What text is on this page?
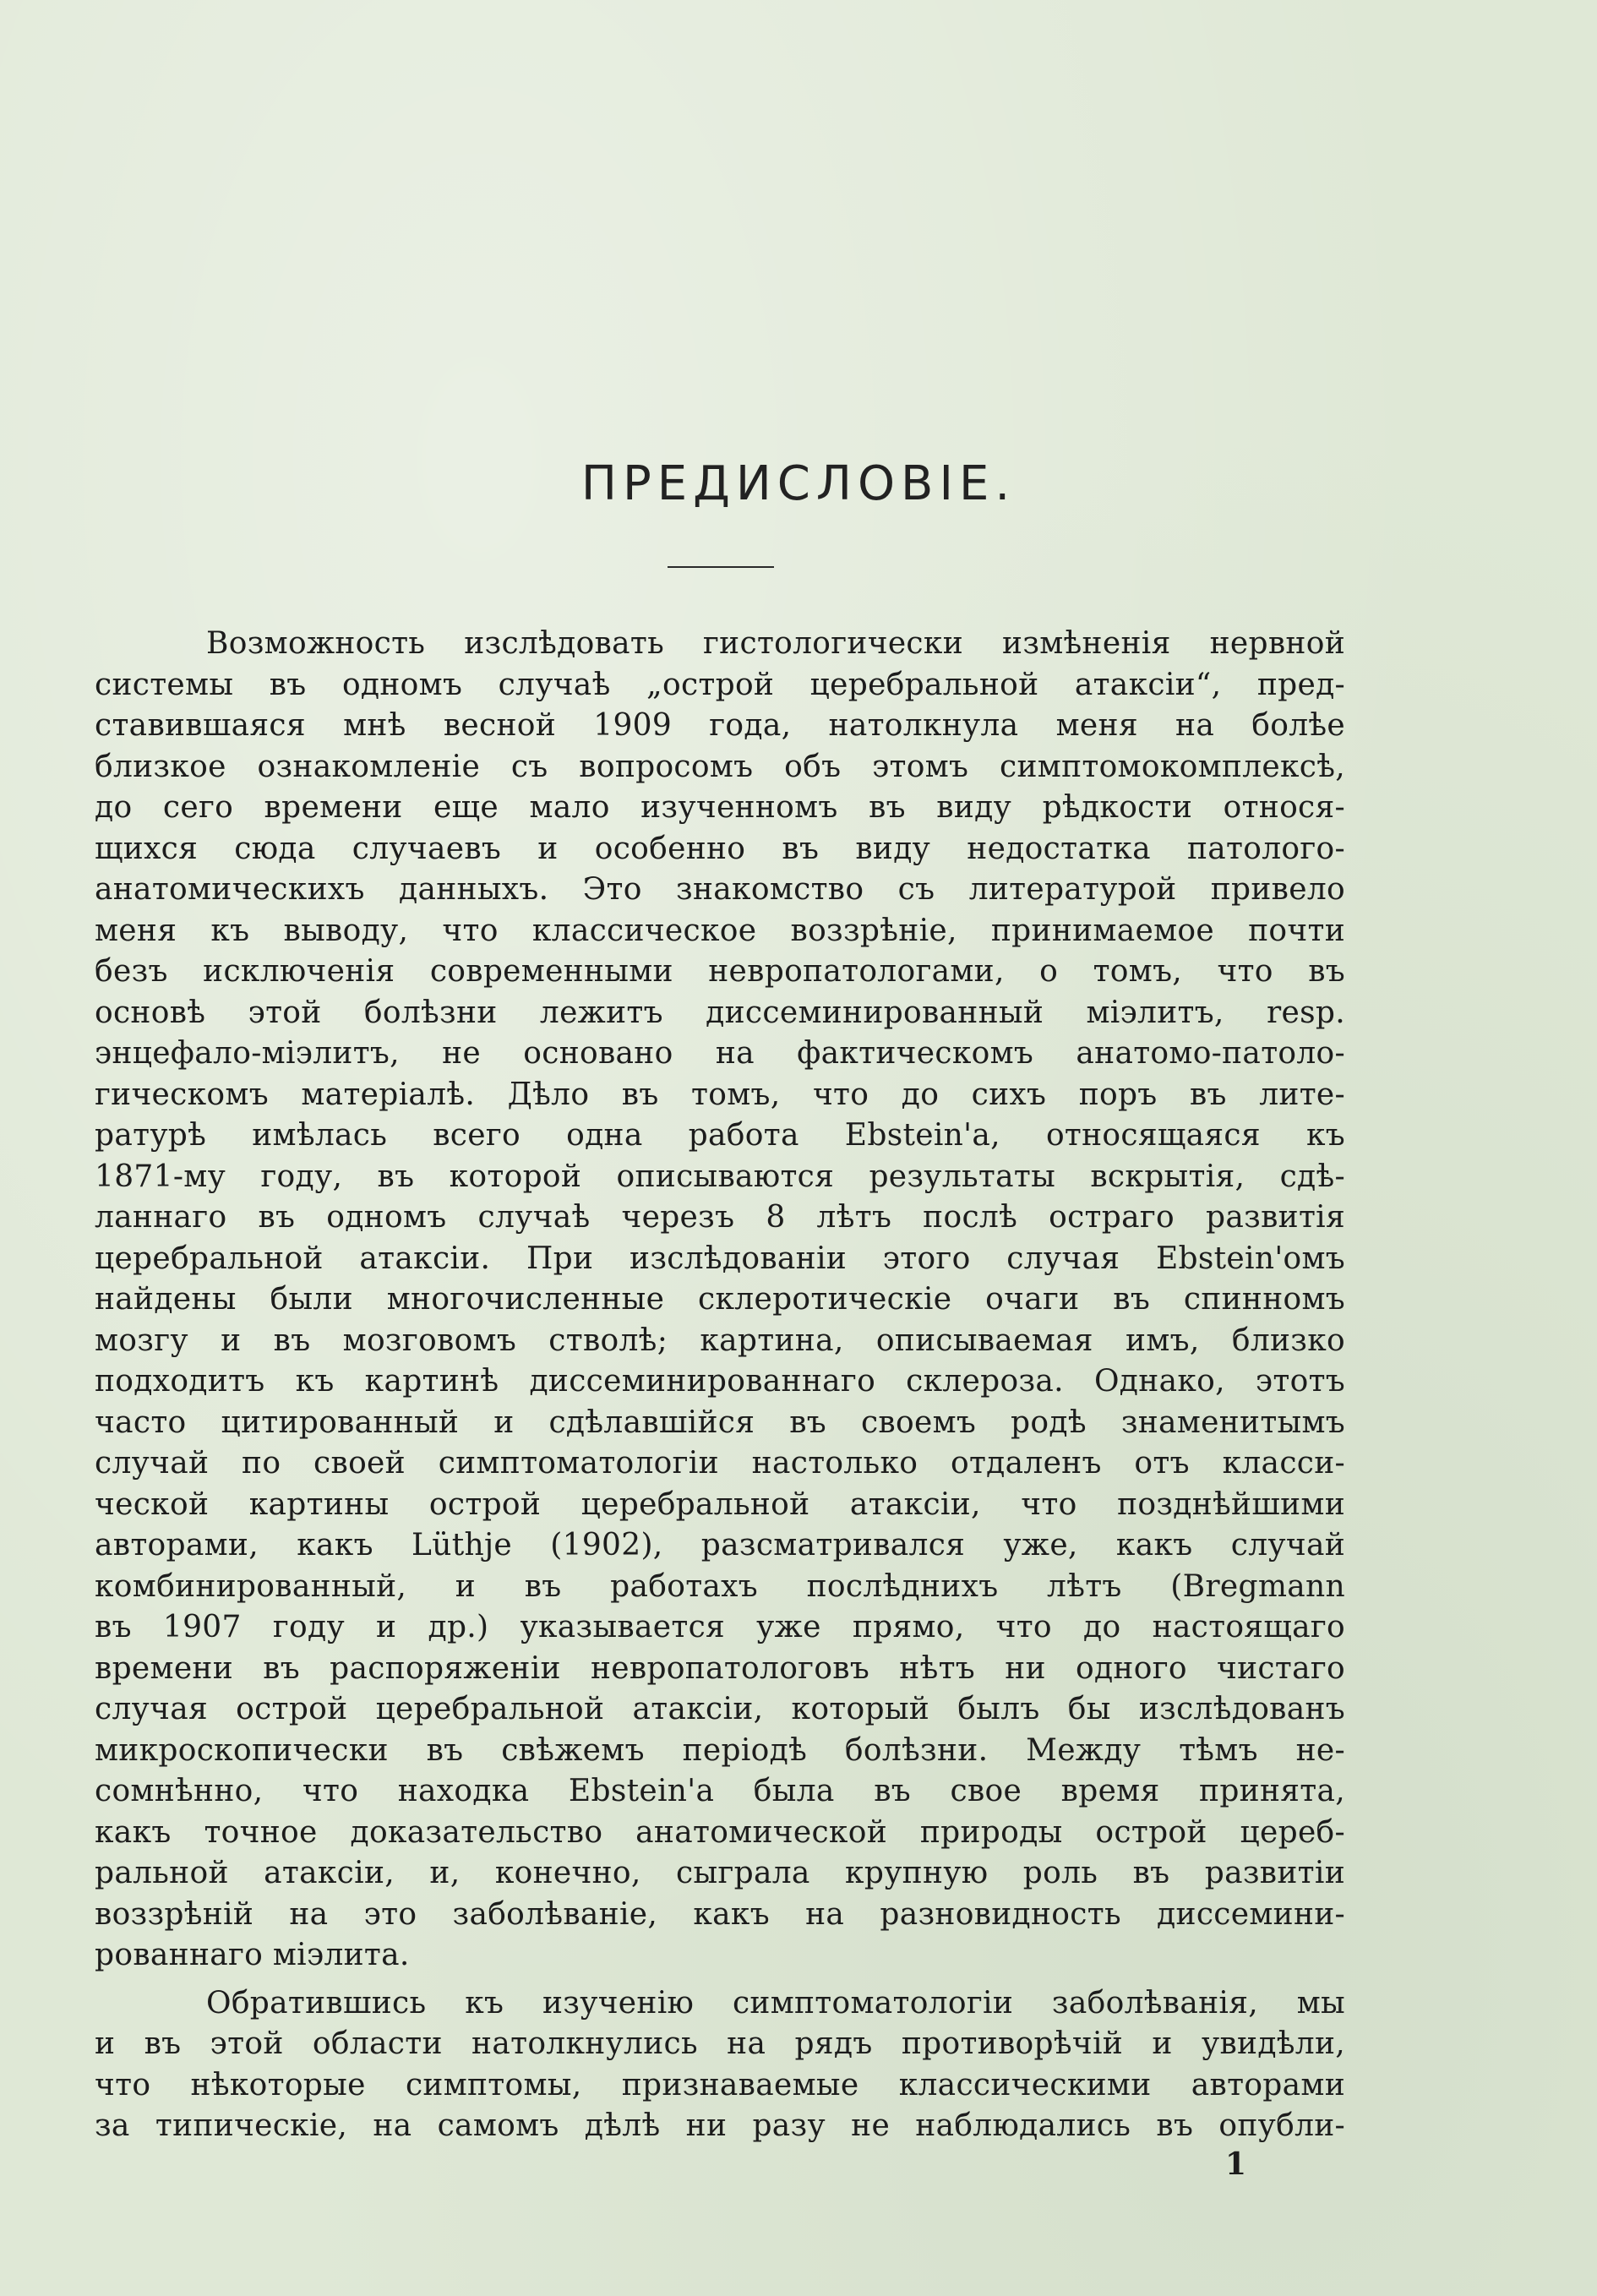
ПРЕДИСЛОВІЕ.
Возможность изслѣдовать гистологически измѣненія нервной
системы въ одномъ случаѣ „острой церебральной атаксіи“, пред-
ставившаяся мнѣ весной 1909 года, натолкнула меня на болѣе
близкое ознакомленіе съ вопросомъ объ этомъ симптомокомплексѣ,
до сего времени еще мало изученномъ въ виду рѣдкости относя-
щихся сюда случаевъ и особенно въ виду недостатка патолого-
анатомическихъ данныхъ. Это знакомство съ литературой привело
меня къ выводу, что классическое воззрѣніе, принимаемое почти
безъ исключенія современными невропатологами, о томъ, что въ
основѣ этой болѣзни лежитъ диссеминированный міэлитъ, resp.
энцефало-міэлитъ, не основано на фактическомъ анатомо-патоло-
гическомъ матеріалѣ. Дѣло въ томъ, что до сихъ поръ въ лите-
ратурѣ имѣлась всего одна работа Ebstein'а, относящаяся къ
1871-му году, въ которой описываются результаты вскрытія, сдѣ-
ланнаго въ одномъ случаѣ черезъ 8 лѣтъ послѣ остраго развитія
церебральной атаксіи. При изслѣдованіи этого случая Ebstein'омъ
найдены были многочисленные склеротическіе очаги въ спинномъ
мозгу и въ мозговомъ стволѣ; картина, описываемая имъ, близко
подходитъ къ картинѣ диссеминированнаго склероза. Однако, этотъ
часто цитированный и сдѣлавшійся въ своемъ родѣ знаменитымъ
случай по своей симптоматологіи настолько отдаленъ отъ класси-
ческой картины острой церебральной атаксіи, что позднѣйшими
авторами, какъ Lüthje (1902), разсматривался уже, какъ случай
комбинированный, и въ работахъ послѣднихъ лѣтъ (Bregmann
въ 1907 году и др.) указывается уже прямо, что до настоящаго
времени въ распоряженіи невропатологовъ нѣтъ ни одного чистаго
случая острой церебральной атаксіи, который былъ бы изслѣдованъ
микроскопически въ свѣжемъ періодѣ болѣзни. Между тѣмъ не-
сомнѣнно, что находка Ebstein'а была въ свое время принята,
какъ точное доказательство анатомической природы острой цереб-
ральной атаксіи, и, конечно, сыграла крупную роль въ развитіи
воззрѣній на это заболѣваніе, какъ на разновидность диссемини-
рованнаго міэлита.
Обратившись къ изученію симптоматологіи заболѣванія, мы
и въ этой области натолкнулись на рядъ противорѣчій и увидѣли,
что нѣкоторые симптомы, признаваемые классическими авторами
за типическіе, на самомъ дѣлѣ ни разу не наблюдались въ опубли-
1
